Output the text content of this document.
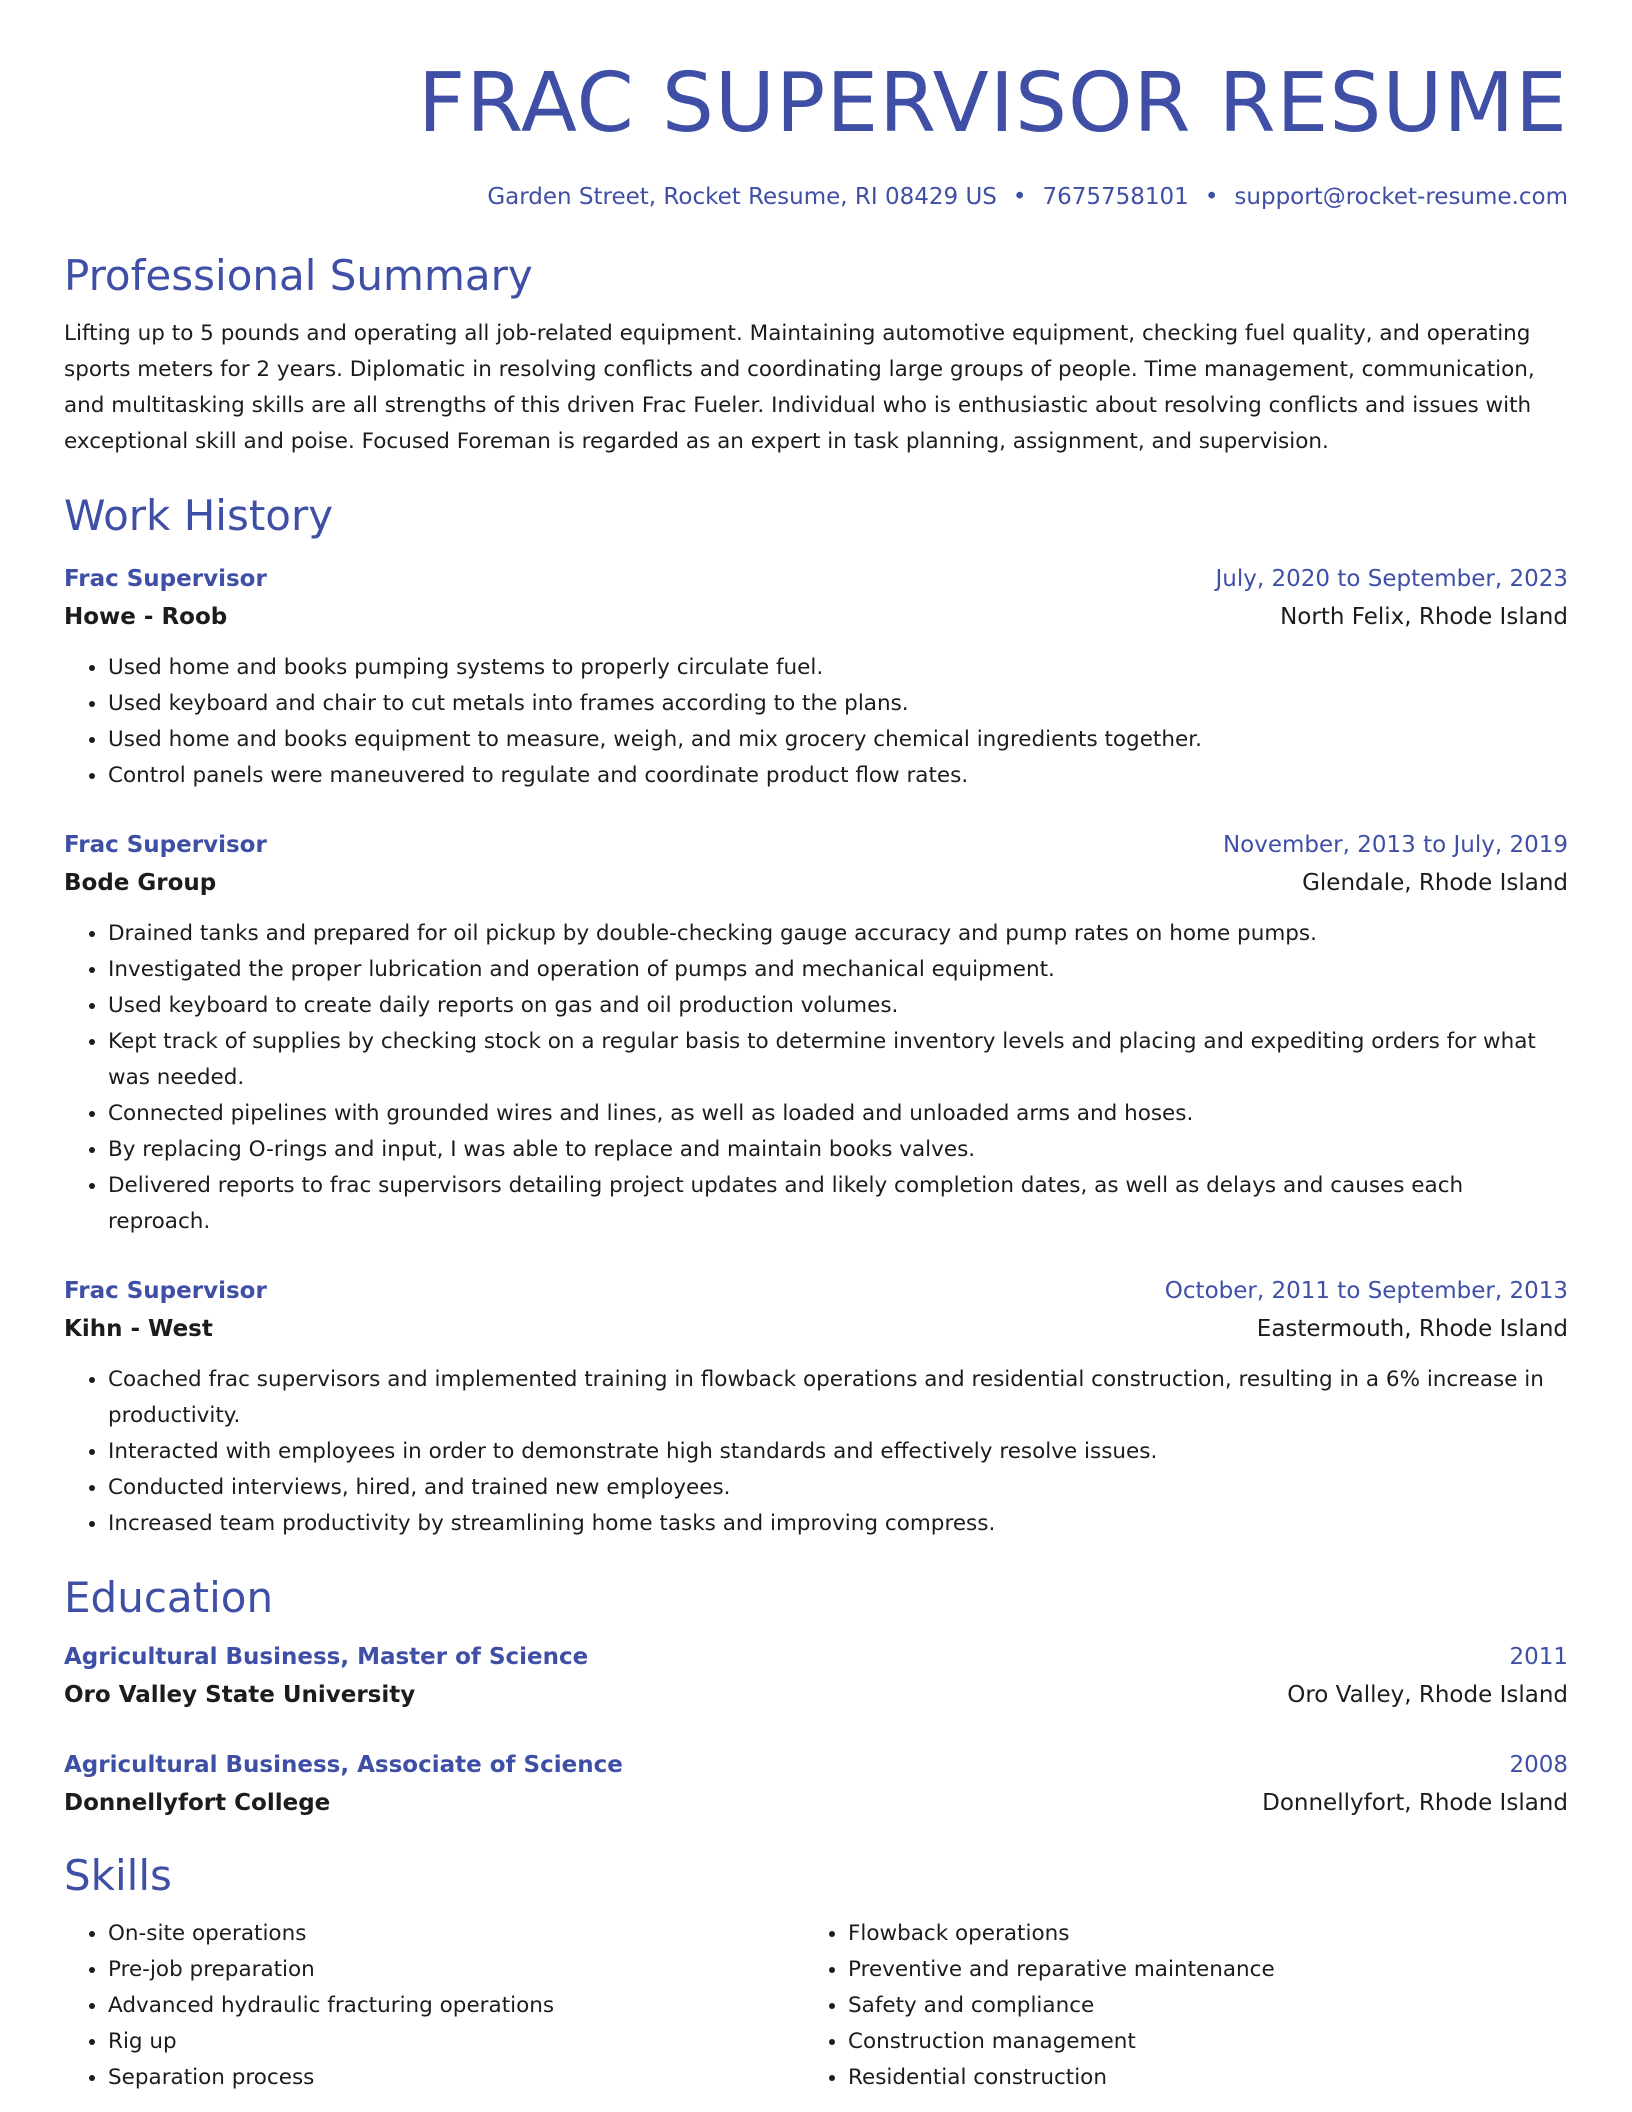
FRAC SUPERVISOR RESUME
Garden Street, Rocket Resume, RI 08429 US • 7675758101 • support@rocket-resume.com
Professional Summary
Lifting up to 5 pounds and operating all job-related equipment. Maintaining automotive equipment, checking fuel quality, and operating sports meters for 2 years. Diplomatic in resolving conflicts and coordinating large groups of people. Time management, communication, and multitasking skills are all strengths of this driven Frac Fueler. Individual who is enthusiastic about resolving conflicts and issues with exceptional skill and poise. Focused Foreman is regarded as an expert in task planning, assignment, and supervision.
Work History
Frac Supervisor	July, 2020 to September, 2023
Howe - Roob	North Felix, Rhode Island
• Used home and books pumping systems to properly circulate fuel.
• Used keyboard and chair to cut metals into frames according to the plans.
• Used home and books equipment to measure, weigh, and mix grocery chemical ingredients together.
• Control panels were maneuvered to regulate and coordinate product flow rates.
Frac Supervisor	November, 2013 to July, 2019
Bode Group	Glendale, Rhode Island
• Drained tanks and prepared for oil pickup by double-checking gauge accuracy and pump rates on home pumps.
• Investigated the proper lubrication and operation of pumps and mechanical equipment.
• Used keyboard to create daily reports on gas and oil production volumes.
• Kept track of supplies by checking stock on a regular basis to determine inventory levels and placing and expediting orders for what was needed.
• Connected pipelines with grounded wires and lines, as well as loaded and unloaded arms and hoses.
• By replacing O-rings and input, I was able to replace and maintain books valves.
• Delivered reports to frac supervisors detailing project updates and likely completion dates, as well as delays and causes each reproach.
Frac Supervisor	October, 2011 to September, 2013
Kihn - West	Eastermouth, Rhode Island
• Coached frac supervisors and implemented training in flowback operations and residential construction, resulting in a 6% increase in productivity.
• Interacted with employees in order to demonstrate high standards and effectively resolve issues.
• Conducted interviews, hired, and trained new employees.
• Increased team productivity by streamlining home tasks and improving compress.
Education
Agricultural Business, Master of Science	2011
Oro Valley State University	Oro Valley, Rhode Island
Agricultural Business, Associate of Science	2008
Donnellyfort College	Donnellyfort, Rhode Island
Skills
• On-site operations
• Pre-job preparation
• Advanced hydraulic fracturing operations
• Rig up
• Separation process
• Flowback operations
• Preventive and reparative maintenance
• Safety and compliance
• Construction management
• Residential construction
